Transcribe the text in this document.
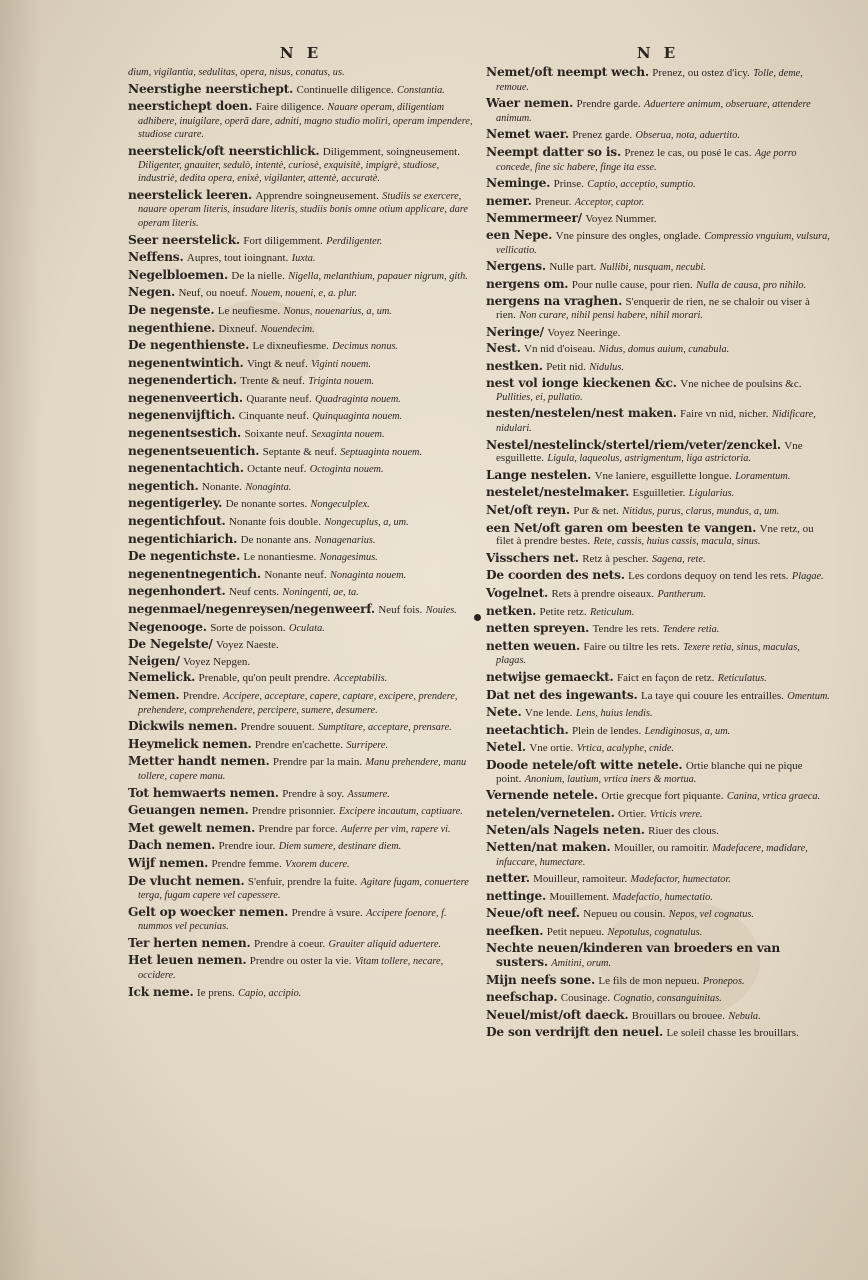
N E
dium, vigilantia, sedulitas, opera, nisus, conatus, us.
Neerstighe neerstichept. Continuelle diligence. Constantia.
neerstichept doen. Faire diligence. Nauare operam, diligentiam adhibere, inuigilare, operã dare, adniti, magno studio moliri, operam impendere, studiose curare.
neerstelick/oft neerstichlick. Diligemment, soingneusement. Diligenter, gnauiter, sedulò, intentè, curiosè, exquisitè, impigrè, studiose, industriè, dedita opera, enixè, vigilanter, attentè, accuratè.
neerstelick leeren. Apprendre soingneusement. Studiis se exercere, nauare operam literis, insudare literis, studiis bonis omne otium applicare, dare operam literis.
Seer neerstelick. Fort diligemment. Perdiligenter.
Neffens. Aupres, tout ioingnant. Iuxta.
Negelbloemen. De la nielle. Nigella, melanthium, papauer nigrum, gith.
Negen. Neuf, ou noeuf. Nouem, noueni, e, a. plur.
De negenste. Le neufiesme. Nonus, nouenarius, a, um.
negenthiene. Dixneuf. Nouendecim.
De negenthienste. Le dixneufiesme. Decimus nonus.
negenentwintich. Vingt & neuf. Viginti nouem.
negenendertich. Trente & neuf. Triginta nouem.
negenenveertich. Quarante neuf. Quadraginta nouem.
negenenvijftich. Cinquante neuf. Quinquaginta nouem.
negenentsestich. Soixante neuf. Sexaginta nouem.
negenentseuentich. Septante & neuf. Septuaginta nouem.
negenentachtich. Octante neuf. Octoginta nouem.
negentich. Nonante. Nonaginta.
negentigerley. De nonante sortes. Nongeculplex.
negentichfout. Nonante fois double. Nongecuplus, a, um.
negentichiarich. De nonante ans. Nonagenarius.
De negentichste. Le nonantiesme. Nonagesimus.
negenentnegentich. Nonante neuf. Nonaginta nouem.
negenhondert. Neuf cents. Noningenti, ae, ta.
negenmael/negenreysen/negenweerf. Neuf fois. Nouies.
Negenooge. Sorte de poisson. Oculata.
De Negelste/ Voyez Naeste.
Neigen/ Voyez Nepgen.
Nemelick. Prenable, qu'on peult prendre. Acceptabilis.
Nemen. Prendre. Accipere, acceptare, capere, captare, excipere, prendere, prehendere, comprehendere, percipere, sumere, desumere.
Dickwils nemen. Prendre souuent. Sumptitare, acceptare, prensare.
Heymelick nemen. Prendre en'cachette. Surripere.
Metter handt nemen. Prendre par la main. Manu prehendere, manu tollere, capere manu.
Tot hemwaerts nemen. Prendre à soy. Assumere.
Geuangen nemen. Prendre prisonnier. Excipere incautum, captiuare.
Met gewelt nemen. Prendre par force. Auferre per vim, rapere vi.
Dach nemen. Prendre iour. Diem sumere, destinare diem.
Wijf nemen. Prendre femme. Vxorem ducere.
De vlucht nemen. S'enfuir, prendre la fuite. Agitare fugam, conuertere terga, fugam capere vel capessere.
Gelt op woecker nemen. Prendre à vsure. Accipere foenore, f. nummos vel pecunias.
Ter herten nemen. Prendre à coeur. Grauiter aliquid aduertere.
Het leuen nemen. Prendre ou oster la vie. Vitam tollere, necare, occidere.
Ick neme. Ie prens. Capio, accipio.
N E
Nemet/oft neempt wech. Prenez, ou ostez d'icy. Tolle, deme, remoue.
Waer nemen. Prendre garde. Aduertere animum, obseruare, attendere animum.
Nemet waer. Prenez garde. Obserua, nota, aduertito.
Neempt datter so is. Prenez le cas, ou posé le cas. Age porro concede, fine sic habere, finge ita esse.
Neminge. Prinse. Captio, acceptio, sumptio.
nemer. Preneur. Acceptor, captor.
Nemmermeer/ Voyez Nummer.
een Nepe. Vne pinsure des ongles, onglade. Compressio vnguium, vulsura, vellicatio.
Nergens. Nulle part. Nullibi, nusquam, necubi.
nergens om. Pour nulle cause, pour rien. Nulla de causa, pro nihilo.
nergens na vraghen. S'enquerir de rien, ne se chaloir ou viser à rien. Non curare, nihil pensi habere, nihil morari.
Neringe/ Voyez Neeringe.
Nest. Vn nid d'oiseau. Nidus, domus auium, cunabula.
nestken. Petit nid. Nidulus.
nest vol ionge kieckenen &c. Vne nichee de poulsins &c. Pullities, ei, pullatio.
nesten/nestelen/nest maken. Faire vn nid, nicher. Nidificare, nidulari.
Nestel/nestelinck/stertel/riem/veter/zenckel. Vne esguillette. Ligula, laqueolus, astrigmentum, liga astrictoria.
Lange nestelen. Vne laniere, esguillette longue. Loramentum.
nestelet/nestelmaker. Esguilletier. Ligularius.
Net/oft reyn. Pur & net. Nitidus, purus, clarus, mundus, a, um.
een Net/oft garen om beesten te vangen. Vne retz, ou filet à prendre bestes. Rete, cassis, huius cassis, macula, sinus.
Visschers net. Retz à pescher. Sagena, rete.
De coorden des nets. Les cordons dequoy on tend les rets. Plagae.
Vogelnet. Rets à prendre oiseaux. Pantherum.
netken. Petite retz. Reticulum.
netten spreyen. Tendre les rets. Tendere retia.
netten weuen. Faire ou tiltre les rets. Texere retia, sinus, maculas, plagas.
netwijse gemaeckt. Faict en façon de retz. Reticulatus.
Dat net des ingewants. La taye qui couure les entrailles. Omentum.
Nete. Vne lende. Lens, huius lendis.
neetachtich. Plein de lendes. Lendiginosus, a, um.
Netel. Vne ortie. Vrtica, acalyphe, cnide.
Doode netele/oft witte netele. Ortie blanche qui ne pique point. Anonium, lautium, vrtica iners & mortua.
Vernende netele. Ortie grecque fort piquante. Canina, vrtica graeca.
netelen/vernetelen. Ortier. Vrticis vrere.
Neten/als Nagels neten. Riuer des clous.
Netten/nat maken. Mouiller, ou ramoitir. Madefacere, madidare, infuccare, humectare.
netter. Mouilleur, ramoiteur. Madefactor, humectator.
nettinge. Mouillement. Madefactio, humectatio.
Neue/oft neef. Nepueu ou cousin. Nepos, vel cognatus.
neefken. Petit nepueu. Nepotulus, cognatulus.
Nechte neuen/kinderen van broeders en van susters. Amitini, orum.
Mijn neefs sone. Le fils de mon nepueu. Pronepos.
neefschap. Cousinage. Cognatio, consanguinitas.
Neuel/mist/oft daeck. Brouillars ou brouee. Nebula.
De son verdrijft den neuel. Le soleil chasse les brouillars.
